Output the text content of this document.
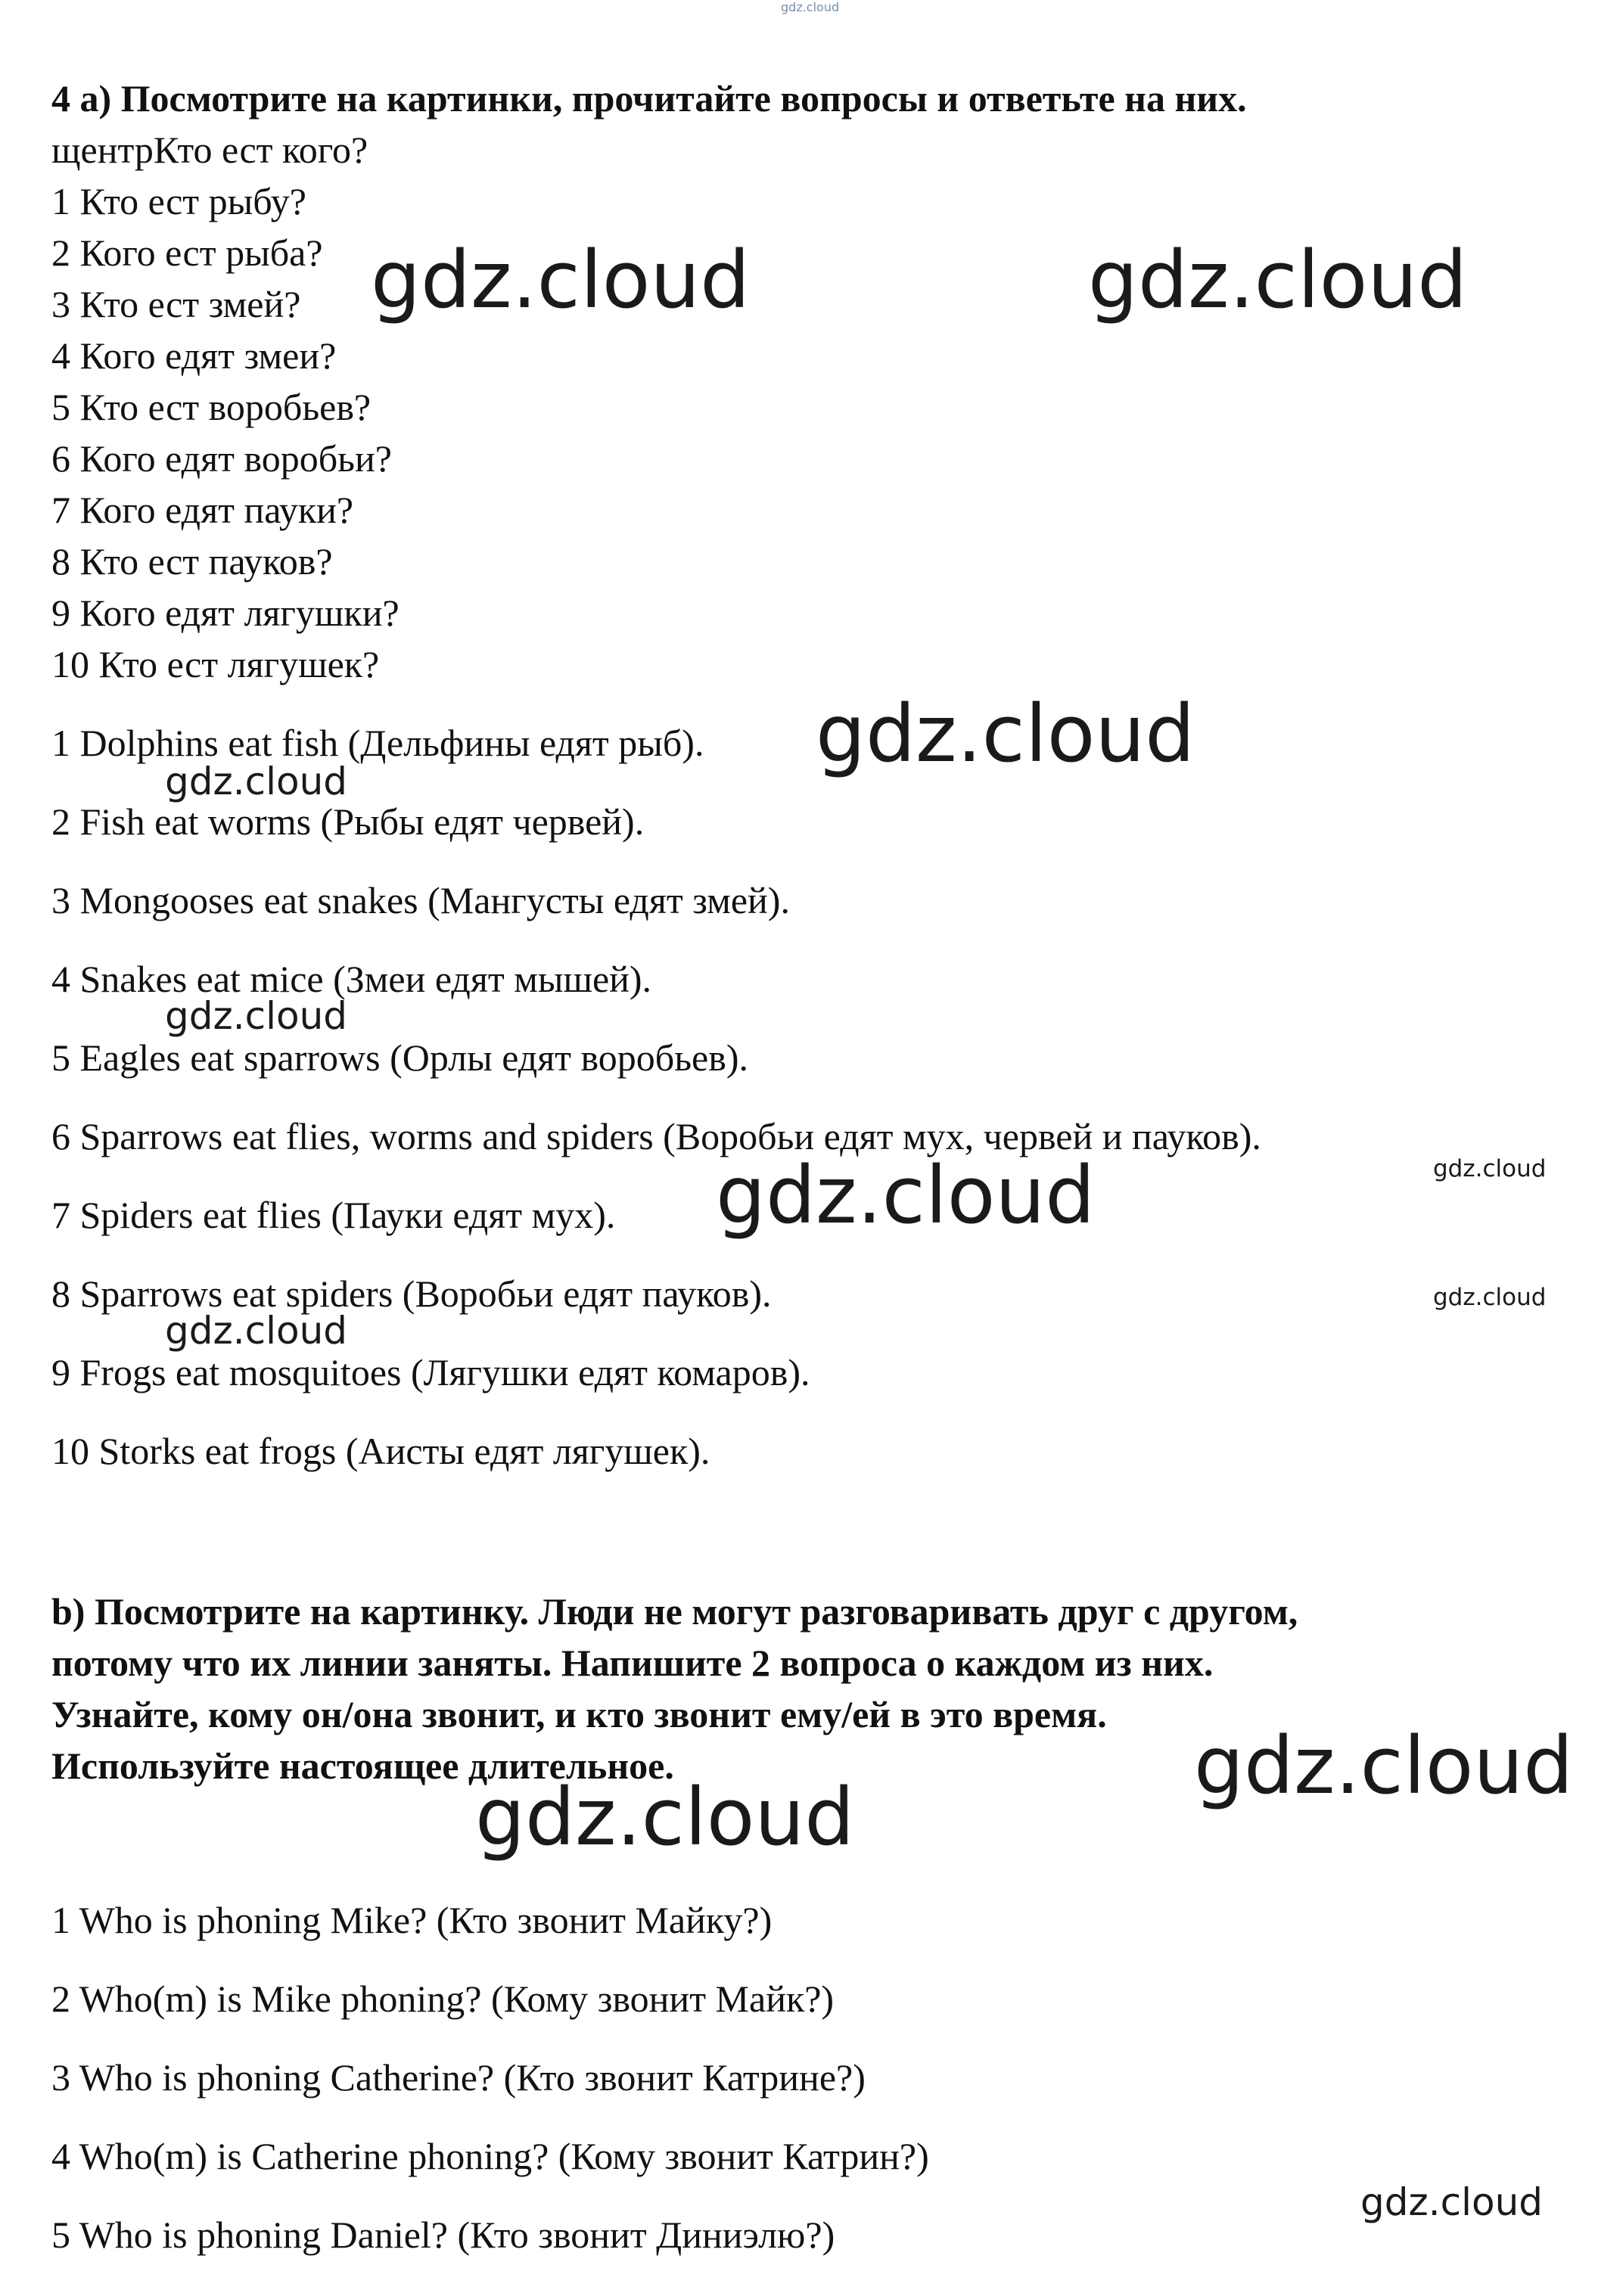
gdz.cloud
4 a) Посмотрите на картинки, прочитайте вопросы и ответьте на них.
щентрКто ест кого?
1 Кто ест рыбу?
2 Кого ест рыба?
3 Кто ест змей?
4 Кого едят змеи?
5 Кто ест воробьев?
6 Кого едят воробьи?
7 Кого едят пауки?
8 Кто ест пауков?
9 Кого едят лягушки?
10 Кто ест лягушек?
1 Dolphins eat fish (Дельфины едят рыб).
2 Fish eat worms (Рыбы едят червей).
3 Mongooses eat snakes (Мангусты едят змей).
4 Snakes eat mice (Змеи едят мышей).
5 Eagles eat sparrows (Орлы едят воробьев).
6 Sparrows eat flies, worms and spiders (Воробьи едят мух, червей и пауков).
7 Spiders eat flies (Пауки едят мух).
8 Sparrows eat spiders (Воробьи едят пауков).
9 Frogs eat mosquitoes (Лягушки едят комаров).
10 Storks eat frogs (Аисты едят лягушек).
b) Посмотрите на картинку. Люди не могут разговаривать друг с другом,
потому что их линии заняты. Напишите 2 вопроса о каждом из них.
Узнайте, кому он/она звонит, и кто звонит ему/ей в это время.
Используйте настоящее длительное.
1 Who is phoning Mike? (Кто звонит Майку?)
2 Who(m) is Mike phoning? (Кому звонит Майк?)
3 Who is phoning Catherine? (Кто звонит Катрине?)
4 Who(m) is Catherine phoning? (Кому звонит Катрин?)
5 Who is phoning Daniel? (Кто звонит Диниэлю?)
gdz.cloud	gdz.cloud
gdz.cloud
gdz.cloud
gdz.cloud
gdz.cloud
gdz.cloud
gdz.cloud
gdz.cloud
gdz.cloud
gdz.cloud
gdz.cloud
